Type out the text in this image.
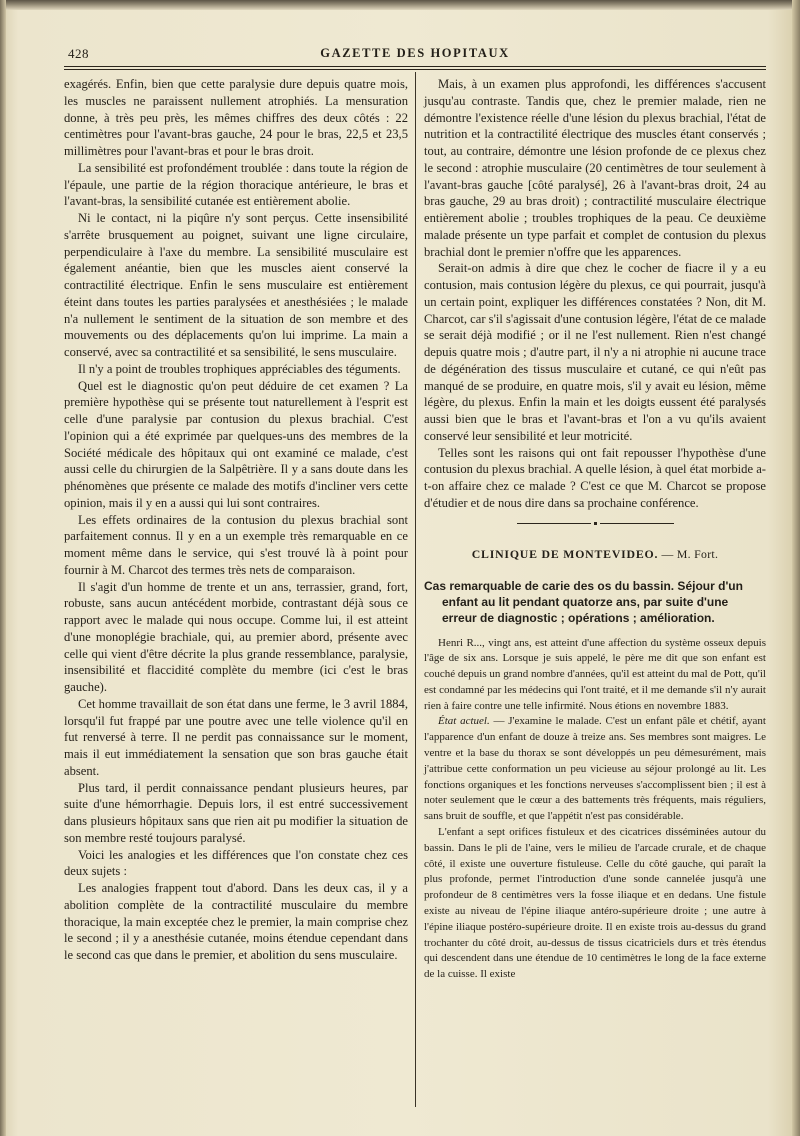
428	GAZETTE DES HOPITAUX

exagérés. Enfin, bien que cette paralysie dure depuis quatre mois, les muscles ne paraissent nullement atrophiés. La mensuration donne, à très peu près, les mêmes chiffres des deux côtés : 22 centimètres pour l'avant-bras gauche, 24 pour le bras, 22,5 et 23,5 millimètres pour l'avant-bras et pour le bras droit.

La sensibilité est profondément troublée : dans toute la région de l'épaule, une partie de la région thoracique antérieure, le bras et l'avant-bras, la sensibilité cutanée est entièrement abolie.

Ni le contact, ni la piqûre n'y sont perçus. Cette insensibilité s'arrête brusquement au poignet, suivant une ligne circulaire, perpendiculaire à l'axe du membre. La sensibilité musculaire est également anéantie, bien que les muscles aient conservé la contractilité électrique. Enfin le sens musculaire est entièrement éteint dans toutes les parties paralysées et anesthésiées ; le malade n'a nullement le sentiment de la situation de son membre et des mouvements ou des déplacements qu'on lui imprime. La main a conservé, avec sa contractilité et sa sensibilité, le sens musculaire.

Il n'y a point de troubles trophiques appréciables des téguments.

Quel est le diagnostic qu'on peut déduire de cet examen ? La première hypothèse qui se présente tout naturellement à l'esprit est celle d'une paralysie par contusion du plexus brachial. C'est l'opinion qui a été exprimée par quelques-uns des membres de la Société médicale des hôpitaux qui ont examiné ce malade, c'est aussi celle du chirurgien de la Salpêtrière. Il y a sans doute dans les phénomènes que présente ce malade des motifs d'incliner vers cette opinion, mais il y en a aussi qui lui sont contraires.

Les effets ordinaires de la contusion du plexus brachial sont parfaitement connus. Il y en a un exemple très remarquable en ce moment même dans le service, qui s'est trouvé là à point pour fournir à M. Charcot des termes très nets de comparaison.

Il s'agit d'un homme de trente et un ans, terrassier, grand, fort, robuste, sans aucun antécédent morbide, contrastant déjà sous ce rapport avec le malade qui nous occupe. Comme lui, il est atteint d'une monoplégie brachiale, qui, au premier abord, présente avec celle qui vient d'être décrite la plus grande ressemblance, paralysie, insensibilité et flaccidité complète du membre (ici c'est le bras gauche).

Cet homme travaillait de son état dans une ferme, le 3 avril 1884, lorsqu'il fut frappé par une poutre avec une telle violence qu'il en fut renversé à terre. Il ne perdit pas connaissance sur le moment, mais il eut immédiatement la sensation que son bras gauche était absent.

Plus tard, il perdit connaissance pendant plusieurs heures, par suite d'une hémorrhagie. Depuis lors, il est entré successivement dans plusieurs hôpitaux sans que rien ait pu modifier la situation de son membre resté toujours paralysé.

Voici les analogies et les différences que l'on constate chez ces deux sujets :

Les analogies frappent tout d'abord. Dans les deux cas, il y a abolition complète de la contractilité musculaire du membre thoracique, la main exceptée chez le premier, la main comprise chez le second ; il y a anesthésie cutanée, moins étendue cependant dans le second cas que dans le premier, et abolition du sens musculaire.

Mais, à un examen plus approfondi, les différences s'accusent jusqu'au contraste. Tandis que, chez le premier malade, rien ne démontre l'existence réelle d'une lésion du plexus brachial, l'état de nutrition et la contractilité électrique des muscles étant conservés ; tout, au contraire, démontre une lésion profonde de ce plexus chez le second : atrophie musculaire (20 centimètres de tour seulement à l'avant-bras gauche [côté paralysé], 26 à l'avant-bras droit, 24 au bras gauche, 29 au bras droit) ; contractilité musculaire électrique entièrement abolie ; troubles trophiques de la peau. Ce deuxième malade présente un type parfait et complet de contusion du plexus brachial dont le premier n'offre que les apparences.

Serait-on admis à dire que chez le cocher de fiacre il y a eu contusion, mais contusion légère du plexus, ce qui pourrait, jusqu'à un certain point, expliquer les différences constatées ? Non, dit M. Charcot, car s'il s'agissait d'une contusion légère, l'état de ce malade se serait déjà modifié ; or il ne l'est nullement. Rien n'est changé depuis quatre mois ; d'autre part, il n'y a ni atrophie ni aucune trace de dégénération des tissus musculaire et cutané, ce qui n'eût pas manqué de se produire, en quatre mois, s'il y avait eu lésion, même légère, du plexus. Enfin la main et les doigts eussent été paralysés aussi bien que le bras et l'avant-bras et l'on a vu qu'ils avaient conservé leur sensibilité et leur motricité.

Telles sont les raisons qui ont fait repousser l'hypothèse d'une contusion du plexus brachial. A quelle lésion, à quel état morbide a-t-on affaire chez ce malade ? C'est ce que M. Charcot se propose d'étudier et de nous dire dans sa prochaine conférence.

CLINIQUE DE MONTEVIDEO. — M. Fort.
Cas remarquable de carie des os du bassin. Séjour d'un
enfant au lit pendant quatorze ans, par suite d'une
erreur de diagnostic ; opérations ; amélioration.

Henri R..., vingt ans, est atteint d'une affection du système osseux depuis l'âge de six ans. Lorsque je suis appelé, le père me dit que son enfant est couché depuis un grand nombre d'années, qu'il est atteint du mal de Pott, qu'il est condamné par les médecins qui l'ont traité, et il me demande s'il n'y aurait rien à faire contre une telle infirmité. Nous étions en novembre 1883.

État actuel. — J'examine le malade. C'est un enfant pâle et chétif, ayant l'apparence d'un enfant de douze à treize ans. Ses membres sont maigres. Le ventre et la base du thorax se sont développés un peu démesurément, mais j'attribue cette conformation un peu vicieuse au séjour prolongé au lit. Les fonctions organiques et les fonctions nerveuses s'accomplissent bien ; il est à noter seulement que le cœur a des battements très fréquents, mais réguliers, sans bruit de souffle, et que l'appétit n'est pas considérable.

L'enfant a sept orifices fistuleux et des cicatrices disséminées autour du bassin. Dans le pli de l'aine, vers le milieu de l'arcade crurale, et de chaque côté, il existe une ouverture fistuleuse. Celle du côté gauche, qui paraît la plus profonde, permet l'introduction d'une sonde cannelée jusqu'à une profondeur de 8 centimètres vers la fosse iliaque et en dedans. Une fistule existe au niveau de l'épine iliaque antéro-supérieure droite ; une autre à l'épine iliaque postéro-supérieure droite. Il en existe trois au-dessus du grand trochanter du côté droit, au-dessus de tissus cicatriciels durs et très étendus qui descendent dans une étendue de 10 centimètres le long de la face externe de la cuisse. Il existe
